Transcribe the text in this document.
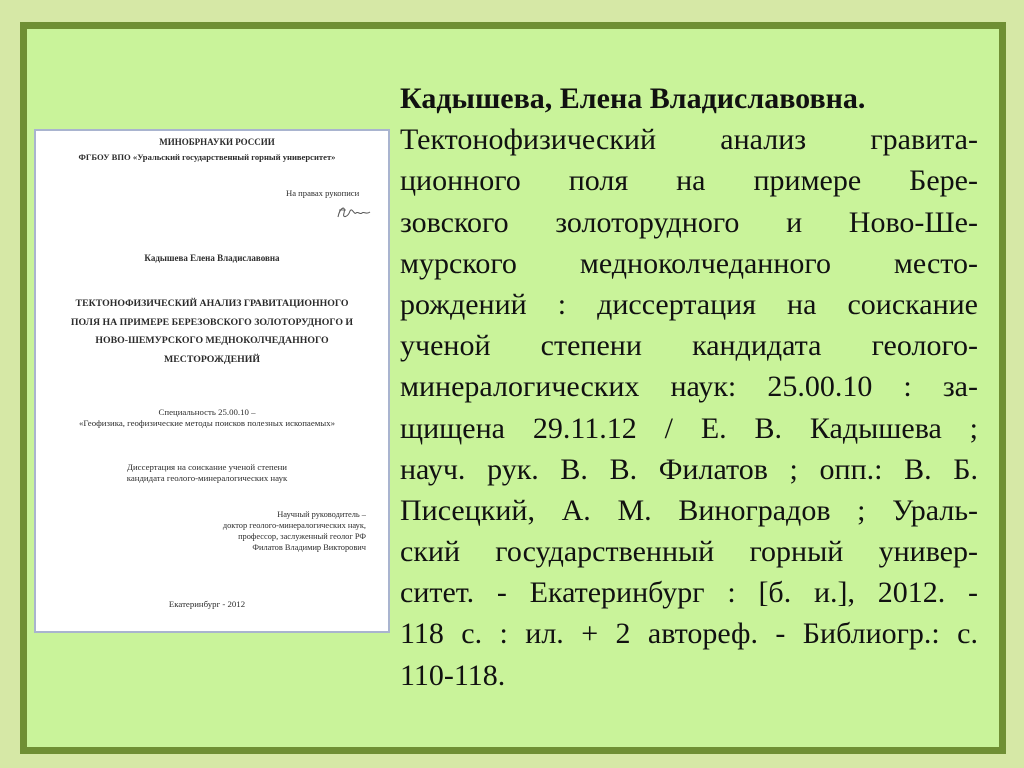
МИНОБРНАУКИ РОССИИ
ФГБОУ ВПО «Уральский государственный горный университет»
На правах рукописи
Кадышева Елена Владиславовна
ТЕКТОНОФИЗИЧЕСКИЙ АНАЛИЗ ГРАВИТАЦИОННОГО
ПОЛЯ НА ПРИМЕРЕ БЕРЕЗОВСКОГО ЗОЛОТОРУДНОГО И
НОВО-ШЕМУРСКОГО МЕДНОКОЛЧЕДАННОГО
МЕСТОРОЖДЕНИЙ
Специальность 25.00.10 –
«Геофизика, геофизические методы поисков полезных ископаемых»
Диссертация на соискание ученой степени
кандидата геолого-минералогических наук
Научный руководитель –
доктор геолого-минералогических наук,
профессор, заслуженный геолог РФ
Филатов Владимир Викторович
Екатеринбург - 2012
Кадышева, Елена Владиславовна.
Тектонофизический анализ гравита-
ционного поля на примере Бере-
зовского золоторудного и Ново-Ше-
мурского медноколчеданного место-
рождений : диссертация на соискание
ученой степени кандидата геолого-
минералогических наук: 25.00.10 : за-
щищена 29.11.12 / Е. В. Кадышева ;
науч. рук. В. В. Филатов ; опп.: В. Б.
Писецкий, А. М. Виноградов ; Ураль-
ский государственный горный универ-
ситет. - Екатеринбург : [б. и.], 2012. -
118 с. : ил. + 2 автореф. - Библиогр.: с.
110-118.
